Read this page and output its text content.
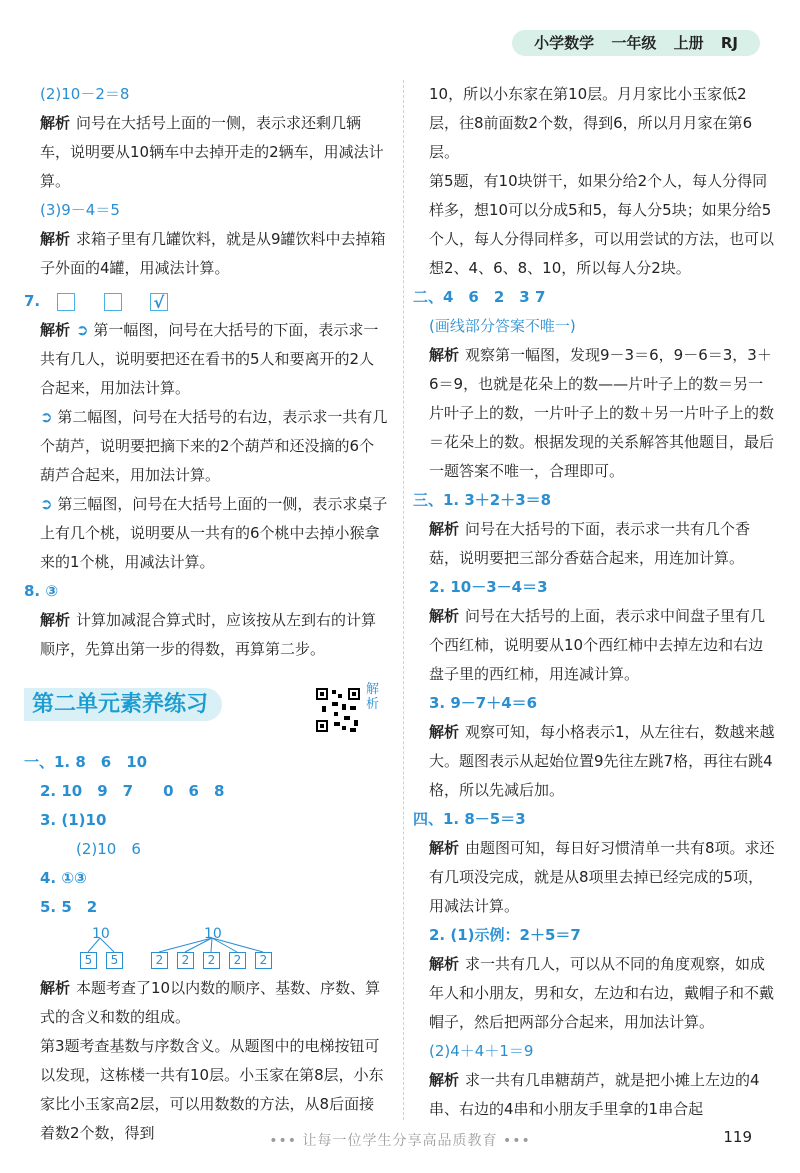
小学数学 一年级 上册 RJ

(2)10－2＝8

解析 问号在大括号上面的一侧，表示求还剩几辆车，说明要从10辆车中去掉开走的2辆车，用减法计算。

(3)9－4＝5

解析 求箱子里有几罐饮料，就是从9罐饮料中去掉箱子外面的4罐，用减法计算。

7.	√

解析 ➲ 第一幅图，问号在大括号的下面，表示求一共有几人，说明要把还在看书的5人和要离开的2人合起来，用加法计算。

➲ 第二幅图，问号在大括号的右边，表示求一共有几个葫芦，说明要把摘下来的2个葫芦和还没摘的6个葫芦合起来，用加法计算。

➲ 第三幅图，问号在大括号上面的一侧，表示求桌子上有几个桃，说明要从一共有的6个桃中去掉小猴拿来的1个桃，用减法计算。

8. ③

解析 计算加减混合算式时，应该按从左到右的计算顺序，先算出第一步的得数，再算第二步。

第二单元素养练习
解析

一、1. 8　6　10

2. 10　9　7　　0　6　8

3. (1)10

(2)10　6

4. ①③

5. 5　2

10	10
5	5	2	2	2	2	2

解析 本题考查了10以内数的顺序、基数、序数、算式的含义和数的组成。

第3题考查基数与序数含义。从题图中的电梯按钮可以发现，这栋楼一共有10层。小玉家在第8层，小东家比小玉家高2层，可以用数数的方法，从8后面接着数2个数，得到

10，所以小东家在第10层。月月家比小玉家低2层，往8前面数2个数，得到6，所以月月家在第6层。

第5题，有10块饼干，如果分给2个人，每人分得同样多，想10可以分成5和5，每人分5块；如果分给5个人，每人分得同样多，可以用尝试的方法，也可以想2、4、6、8、10，所以每人分2块。

二、4　6　2　3 7

(画线部分答案不唯一)

解析 观察第一幅图，发现9－3＝6，9－6＝3，3＋6＝9，也就是花朵上的数——片叶子上的数＝另一片叶子上的数，一片叶子上的数＋另一片叶子上的数＝花朵上的数。根据发现的关系解答其他题目，最后一题答案不唯一，合理即可。

三、1. 3＋2＋3＝8

解析 问号在大括号的下面，表示求一共有几个香菇，说明要把三部分香菇合起来，用连加计算。

2. 10－3－4＝3

解析 问号在大括号的上面，表示求中间盘子里有几个西红柿，说明要从10个西红柿中去掉左边和右边盘子里的西红柿，用连减计算。

3. 9－7＋4＝6

解析 观察可知，每小格表示1，从左往右，数越来越大。题图表示从起始位置9先往左跳7格，再往右跳4格，所以先减后加。

四、1. 8－5＝3

解析 由题图可知，每日好习惯清单一共有8项。求还有几项没完成，就是从8项里去掉已经完成的5项，用减法计算。

2. (1)示例：2＋5＝7

解析 求一共有几人，可以从不同的角度观察，如成年人和小朋友，男和女，左边和右边，戴帽子和不戴帽子，然后把两部分合起来，用加法计算。

(2)4＋4＋1＝9

解析 求一共有几串糖葫芦，就是把小摊上左边的4串、右边的4串和小朋友手里拿的1串合起

••• 让每一位学生分享高品质教育 •••	119
